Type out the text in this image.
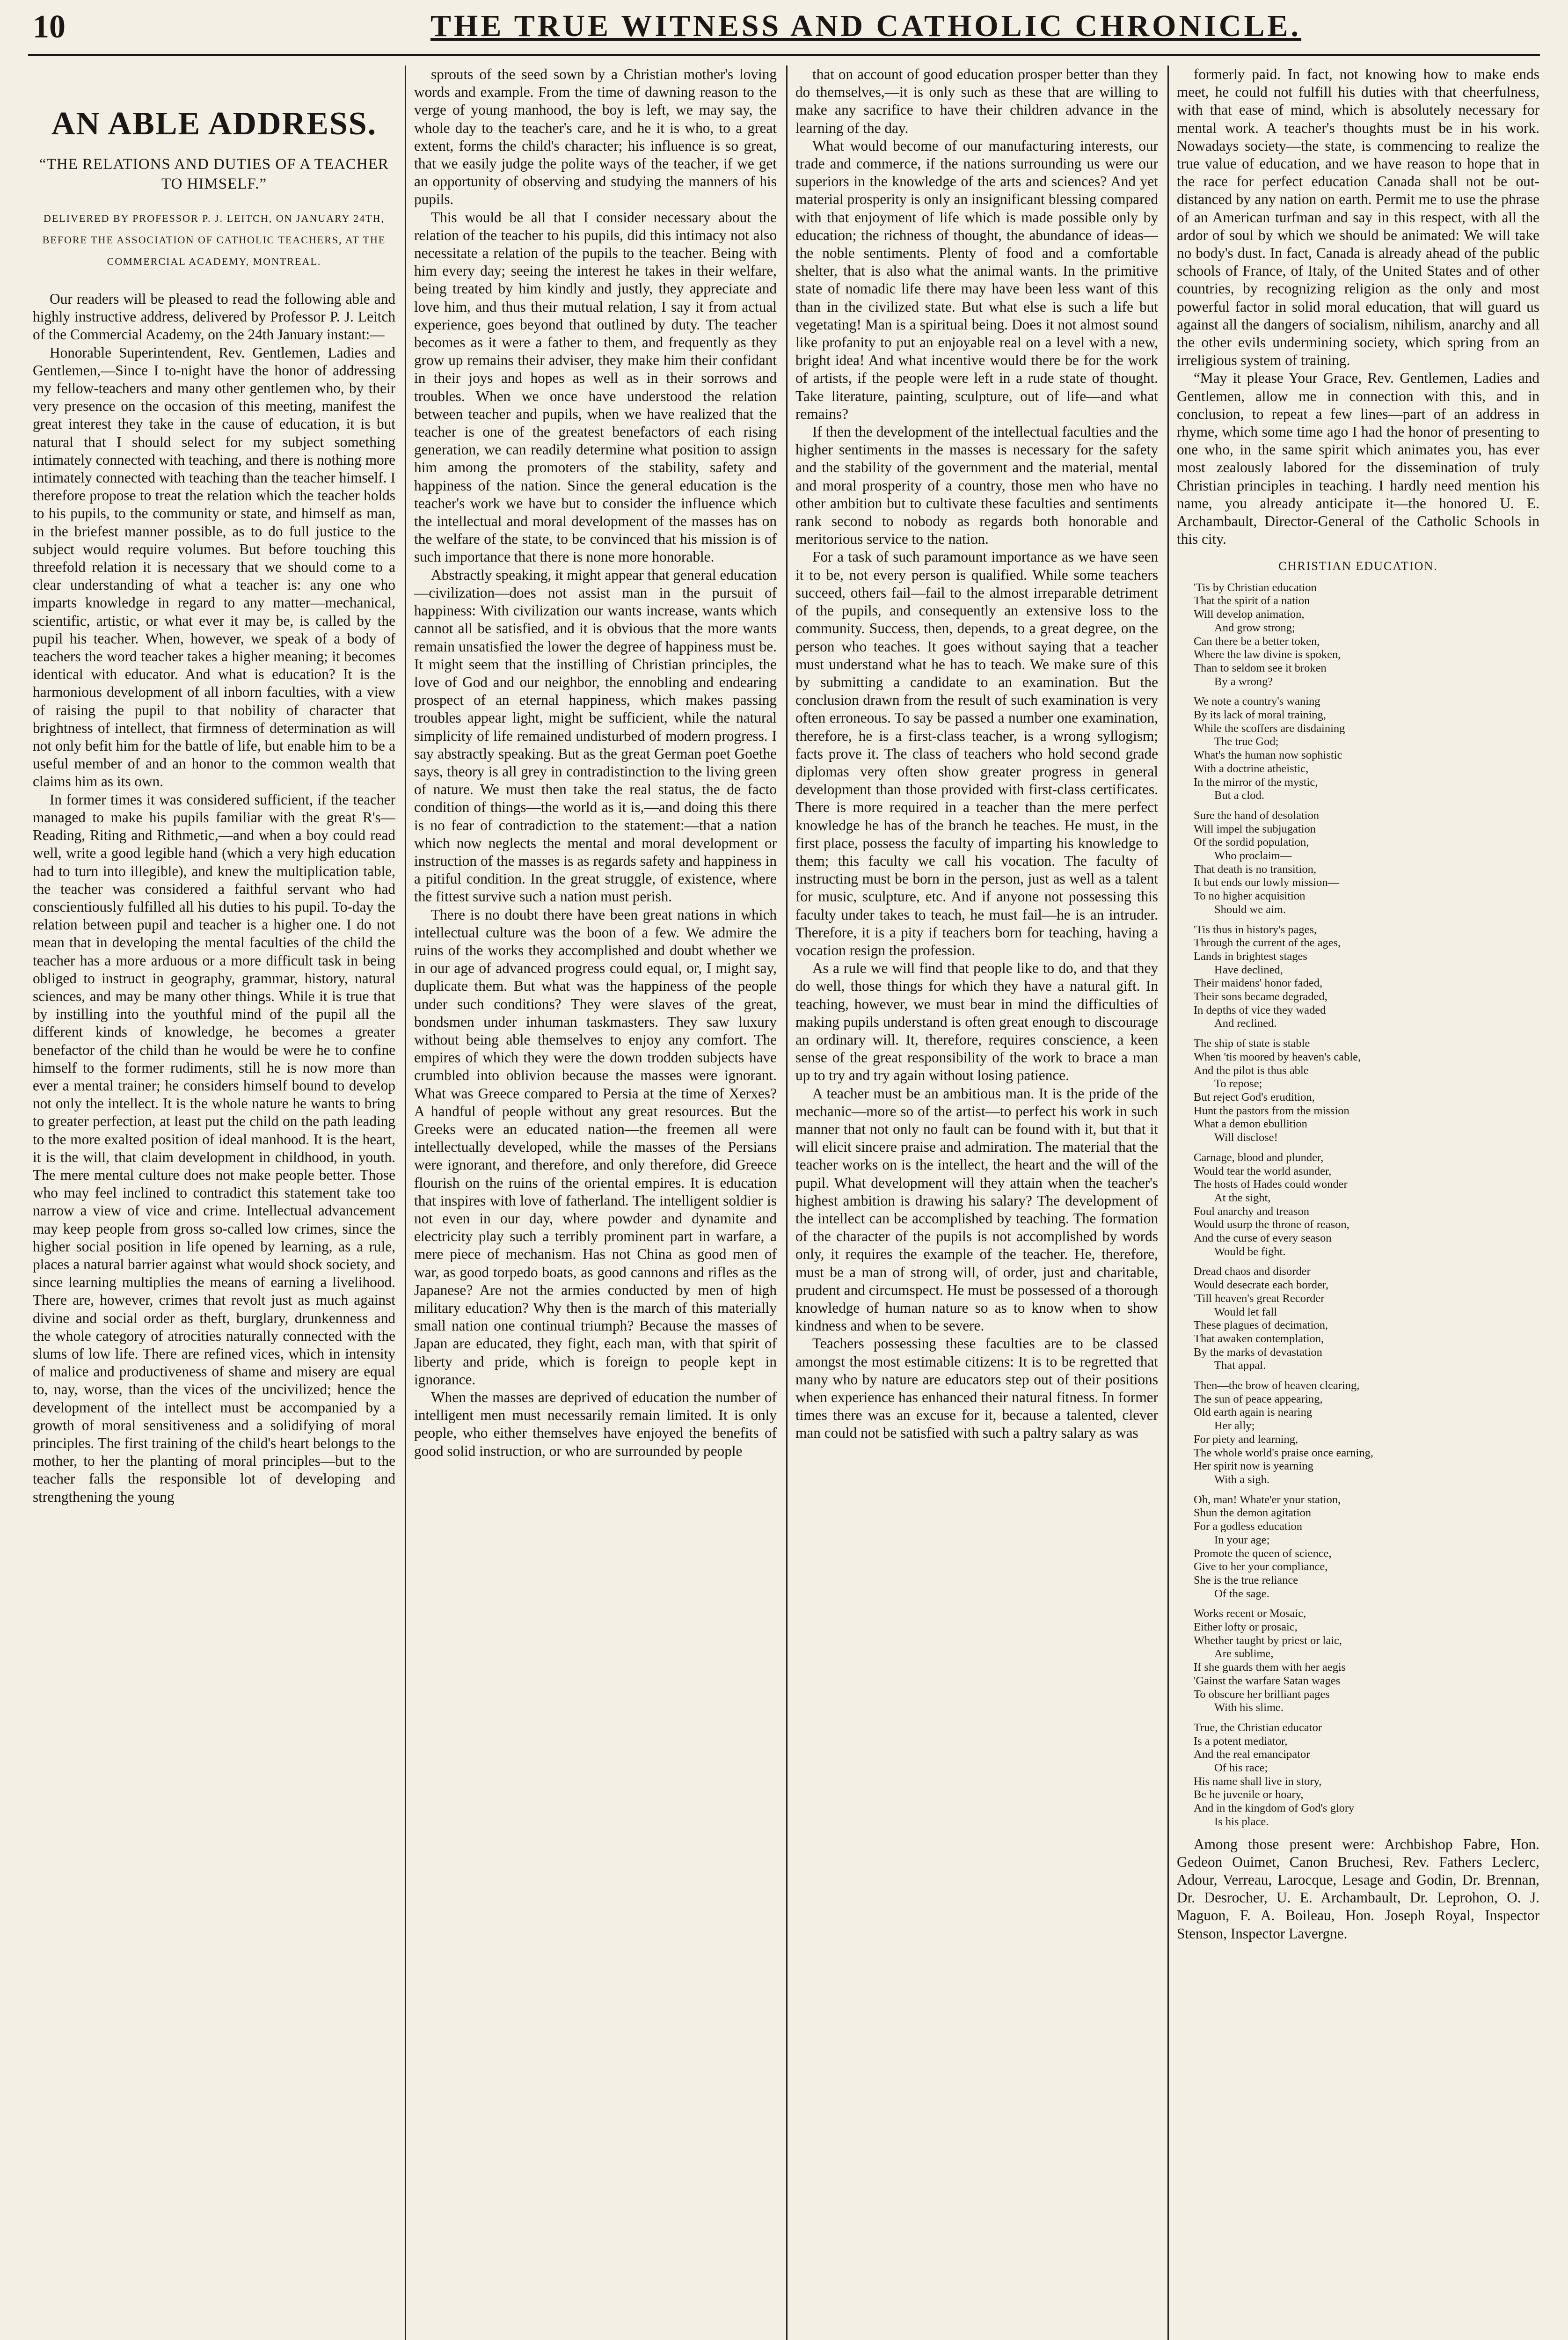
10	THE TRUE WITNESS AND CATHOLIC CHRONICLE.

AN ABLE ADDRESS.

“THE RELATIONS AND DUTIES OF A TEACHER TO HIMSELF.”

DELIVERED BY PROFESSOR P. J. LEITCH, ON JANUARY 24TH, BEFORE THE ASSOCIATION OF CATHOLIC TEACHERS, AT THE COMMERCIAL ACADEMY, MONTREAL.

Our readers will be pleased to read the following able and highly instructive address, delivered by Professor P. J. Leitch of the Commercial Academy, on the 24th January instant:—

Honorable Superintendent, Rev. Gentlemen, Ladies and Gentlemen,—Since I to-night have the honor of addressing my fellow-teachers and many other gentlemen who, by their very presence on the occasion of this meeting, manifest the great interest they take in the cause of education, it is but natural that I should select for my subject something intimately connected with teaching, and there is nothing more intimately connected with teaching than the teacher himself. I therefore propose to treat the relation which the teacher holds to his pupils, to the community or state, and himself as man, in the briefest manner possible, as to do full justice to the subject would require volumes. But before touching this threefold relation it is necessary that we should come to a clear understanding of what a teacher is: any one who imparts knowledge in regard to any matter—mechanical, scientific, artistic, or what ever it may be, is called by the pupil his teacher. When, however, we speak of a body of teachers the word teacher takes a higher meaning; it becomes identical with educator. And what is education? It is the harmonious development of all inborn faculties, with a view of raising the pupil to that nobility of character that brightness of intellect, that firmness of determination as will not only befit him for the battle of life, but enable him to be a useful member of and an honor to the common wealth that claims him as its own.

In former times it was considered sufficient, if the teacher managed to make his pupils familiar with the great R's—Reading, Riting and Rithmetic,—and when a boy could read well, write a good legible hand (which a very high education had to turn into illegible), and knew the multiplication table, the teacher was considered a faithful servant who had conscientiously fulfilled all his duties to his pupil. To-day the relation between pupil and teacher is a higher one. I do not mean that in developing the mental faculties of the child the teacher has a more arduous or a more difficult task in being obliged to instruct in geography, grammar, history, natural sciences, and may be many other things. While it is true that by instilling into the youthful mind of the pupil all the different kinds of knowledge, he becomes a greater benefactor of the child than he would be were he to confine himself to the former rudiments, still he is now more than ever a mental trainer; he considers himself bound to develop not only the intellect. It is the whole nature he wants to bring to greater perfection, at least put the child on the path leading to the more exalted position of ideal manhood. It is the heart, it is the will, that claim development in childhood, in youth. The mere mental culture does not make people better. Those who may feel inclined to contradict this statement take too narrow a view of vice and crime. Intellectual advancement may keep people from gross so-called low crimes, since the higher social position in life opened by learning, as a rule, places a natural barrier against what would shock society, and since learning multiplies the means of earning a livelihood. There are, however, crimes that revolt just as much against divine and social order as theft, burglary, drunkenness and the whole category of atrocities naturally connected with the slums of low life. There are refined vices, which in intensity of malice and productiveness of shame and misery are equal to, nay, worse, than the vices of the uncivilized; hence the development of the intellect must be accompanied by a growth of moral sensitiveness and a solidifying of moral principles. The first training of the child's heart belongs to the mother, to her the planting of moral principles—but to the teacher falls the responsible lot of developing and strengthening the young

sprouts of the seed sown by a Christian mother's loving words and example. From the time of dawning reason to the verge of young manhood, the boy is left, we may say, the whole day to the teacher's care, and he it is who, to a great extent, forms the child's character; his influence is so great, that we easily judge the polite ways of the teacher, if we get an opportunity of observing and studying the manners of his pupils.

This would be all that I consider necessary about the relation of the teacher to his pupils, did this intimacy not also necessitate a relation of the pupils to the teacher. Being with him every day; seeing the interest he takes in their welfare, being treated by him kindly and justly, they appreciate and love him, and thus their mutual relation, I say it from actual experience, goes beyond that outlined by duty. The teacher becomes as it were a father to them, and frequently as they grow up remains their adviser, they make him their confidant in their joys and hopes as well as in their sorrows and troubles. When we once have understood the relation between teacher and pupils, when we have realized that the teacher is one of the greatest benefactors of each rising generation, we can readily determine what position to assign him among the promoters of the stability, safety and happiness of the nation. Since the general education is the teacher's work we have but to consider the influence which the intellectual and moral development of the masses has on the welfare of the state, to be convinced that his mission is of such importance that there is none more honorable.

Abstractly speaking, it might appear that general education—civilization—does not assist man in the pursuit of happiness: With civilization our wants increase, wants which cannot all be satisfied, and it is obvious that the more wants remain unsatisfied the lower the degree of happiness must be. It might seem that the instilling of Christian principles, the love of God and our neighbor, the ennobling and endearing prospect of an eternal happiness, which makes passing troubles appear light, might be sufficient, while the natural simplicity of life remained undisturbed of modern progress. I say abstractly speaking. But as the great German poet Goethe says, theory is all grey in contradistinction to the living green of nature. We must then take the real status, the de facto condition of things—the world as it is,—and doing this there is no fear of contradiction to the statement:—that a nation which now neglects the mental and moral development or instruction of the masses is as regards safety and happiness in a pitiful condition. In the great struggle, of existence, where the fittest survive such a nation must perish.

There is no doubt there have been great nations in which intellectual culture was the boon of a few. We admire the ruins of the works they accomplished and doubt whether we in our age of advanced progress could equal, or, I might say, duplicate them. But what was the happiness of the people under such conditions? They were slaves of the great, bondsmen under inhuman taskmasters. They saw luxury without being able themselves to enjoy any comfort. The empires of which they were the down trodden subjects have crumbled into oblivion because the masses were ignorant. What was Greece compared to Persia at the time of Xerxes? A handful of people without any great resources. But the Greeks were an educated nation—the freemen all were intellectually developed, while the masses of the Persians were ignorant, and therefore, and only therefore, did Greece flourish on the ruins of the oriental empires. It is education that inspires with love of fatherland. The intelligent soldier is not even in our day, where powder and dynamite and electricity play such a terribly prominent part in warfare, a mere piece of mechanism. Has not China as good men of war, as good torpedo boats, as good cannons and rifles as the Japanese? Are not the armies conducted by men of high military education? Why then is the march of this materially small nation one continual triumph? Because the masses of Japan are educated, they fight, each man, with that spirit of liberty and pride, which is foreign to people kept in ignorance.

When the masses are deprived of education the number of intelligent men must necessarily remain limited. It is only people, who either themselves have enjoyed the benefits of good solid instruction, or who are surrounded by people

that on account of good education prosper better than they do themselves,—it is only such as these that are willing to make any sacrifice to have their children advance in the learning of the day.

What would become of our manufacturing interests, our trade and commerce, if the nations surrounding us were our superiors in the knowledge of the arts and sciences? And yet material prosperity is only an insignificant blessing compared with that enjoyment of life which is made possible only by education; the richness of thought, the abundance of ideas—the noble sentiments. Plenty of food and a comfortable shelter, that is also what the animal wants. In the primitive state of nomadic life there may have been less want of this than in the civilized state. But what else is such a life but vegetating! Man is a spiritual being. Does it not almost sound like profanity to put an enjoyable real on a level with a new, bright idea! And what incentive would there be for the work of artists, if the people were left in a rude state of thought. Take literature, painting, sculpture, out of life—and what remains?

If then the development of the intellectual faculties and the higher sentiments in the masses is necessary for the safety and the stability of the government and the material, mental and moral prosperity of a country, those men who have no other ambition but to cultivate these faculties and sentiments rank second to nobody as regards both honorable and meritorious service to the nation.

For a task of such paramount importance as we have seen it to be, not every person is qualified. While some teachers succeed, others fail—fail to the almost irreparable detriment of the pupils, and consequently an extensive loss to the community. Success, then, depends, to a great degree, on the person who teaches. It goes without saying that a teacher must understand what he has to teach. We make sure of this by submitting a candidate to an examination. But the conclusion drawn from the result of such examination is very often erroneous. To say be passed a number one examination, therefore, he is a first-class teacher, is a wrong syllogism; facts prove it. The class of teachers who hold second grade diplomas very often show greater progress in general development than those provided with first-class certificates. There is more required in a teacher than the mere perfect knowledge he has of the branch he teaches. He must, in the first place, possess the faculty of imparting his knowledge to them; this faculty we call his vocation. The faculty of instructing must be born in the person, just as well as a talent for music, sculpture, etc. And if anyone not possessing this faculty under takes to teach, he must fail—he is an intruder. Therefore, it is a pity if teachers born for teaching, having a vocation resign the profession.

As a rule we will find that people like to do, and that they do well, those things for which they have a natural gift. In teaching, however, we must bear in mind the difficulties of making pupils understand is often great enough to discourage an ordinary will. It, therefore, requires conscience, a keen sense of the great responsibility of the work to brace a man up to try and try again without losing patience.

A teacher must be an ambitious man. It is the pride of the mechanic—more so of the artist—to perfect his work in such manner that not only no fault can be found with it, but that it will elicit sincere praise and admiration. The material that the teacher works on is the intellect, the heart and the will of the pupil. What development will they attain when the teacher's highest ambition is drawing his salary? The development of the intellect can be accomplished by teaching. The formation of the character of the pupils is not accomplished by words only, it requires the example of the teacher. He, therefore, must be a man of strong will, of order, just and charitable, prudent and circumspect. He must be possessed of a thorough knowledge of human nature so as to know when to show kindness and when to be severe.

Teachers possessing these faculties are to be classed amongst the most estimable citizens: It is to be regretted that many who by nature are educators step out of their positions when experience has enhanced their natural fitness. In former times there was an excuse for it, because a talented, clever man could not be satisfied with such a paltry salary as was

formerly paid. In fact, not knowing how to make ends meet, he could not fulfill his duties with that cheerfulness, with that ease of mind, which is absolutely necessary for mental work. A teacher's thoughts must be in his work. Nowadays society—the state, is commencing to realize the true value of education, and we have reason to hope that in the race for perfect education Canada shall not be out-distanced by any nation on earth. Permit me to use the phrase of an American turfman and say in this respect, with all the ardor of soul by which we should be animated: We will take no body's dust. In fact, Canada is already ahead of the public schools of France, of Italy, of the United States and of other countries, by recognizing religion as the only and most powerful factor in solid moral education, that will guard us against all the dangers of socialism, nihilism, anarchy and all the other evils undermining society, which spring from an irreligious system of training.

“May it please Your Grace, Rev. Gentlemen, Ladies and Gentlemen, allow me in connection with this, and in conclusion, to repeat a few lines—part of an address in rhyme, which some time ago I had the honor of presenting to one who, in the same spirit which animates you, has ever most zealously labored for the dissemination of truly Christian principles in teaching. I hardly need mention his name, you already anticipate it—the honored U. E. Archambault, Director-General of the Catholic Schools in this city.

CHRISTIAN EDUCATION.

'Tis by Christian education
That the spirit of a nation
Will develop animation,
And grow strong;
Can there be a better token,
Where the law divine is spoken,
Than to seldom see it broken
By a wrong?
We note a country's waning
By its lack of moral training,
While the scoffers are disdaining
The true God;
What's the human now sophistic
With a doctrine atheistic,
In the mirror of the mystic,
But a clod.
Sure the hand of desolation
Will impel the subjugation
Of the sordid population,
Who proclaim—
That death is no transition,
It but ends our lowly mission—
To no higher acquisition
Should we aim.
'Tis thus in history's pages,
Through the current of the ages,
Lands in brightest stages
Have declined,
Their maidens' honor faded,
Their sons became degraded,
In depths of vice they waded
And reclined.
The ship of state is stable
When 'tis moored by heaven's cable,
And the pilot is thus able
To repose;
But reject God's erudition,
Hunt the pastors from the mission
What a demon ebullition
Will disclose!
Carnage, blood and plunder,
Would tear the world asunder,
The hosts of Hades could wonder
At the sight,
Foul anarchy and treason
Would usurp the throne of reason,
And the curse of every season
Would be fight.
Dread chaos and disorder
Would desecrate each border,
'Till heaven's great Recorder
Would let fall
These plagues of decimation,
That awaken contemplation,
By the marks of devastation
That appal.
Then—the brow of heaven clearing,
The sun of peace appearing,
Old earth again is nearing
Her ally;
For piety and learning,
The whole world's praise once earning,
Her spirit now is yearning
With a sigh.
Oh, man! Whate'er your station,
Shun the demon agitation
For a godless education
In your age;
Promote the queen of science,
Give to her your compliance,
She is the true reliance
Of the sage.
Works recent or Mosaic,
Either lofty or prosaic,
Whether taught by priest or laic,
Are sublime,
If she guards them with her aegis
'Gainst the warfare Satan wages
To obscure her brilliant pages
With his slime.
True, the Christian educator
Is a potent mediator,
And the real emancipator
Of his race;
His name shall live in story,
Be he juvenile or hoary,
And in the kingdom of God's glory
Is his place.

Among those present were: Archbishop Fabre, Hon. Gedeon Ouimet, Canon Bruchesi, Rev. Fathers Leclerc, Adour, Verreau, Larocque, Lesage and Godin, Dr. Brennan, Dr. Desrocher, U. E. Archambault, Dr. Leprohon, O. J. Maguon, F. A. Boileau, Hon. Joseph Royal, Inspector Stenson, Inspector Lavergne.
